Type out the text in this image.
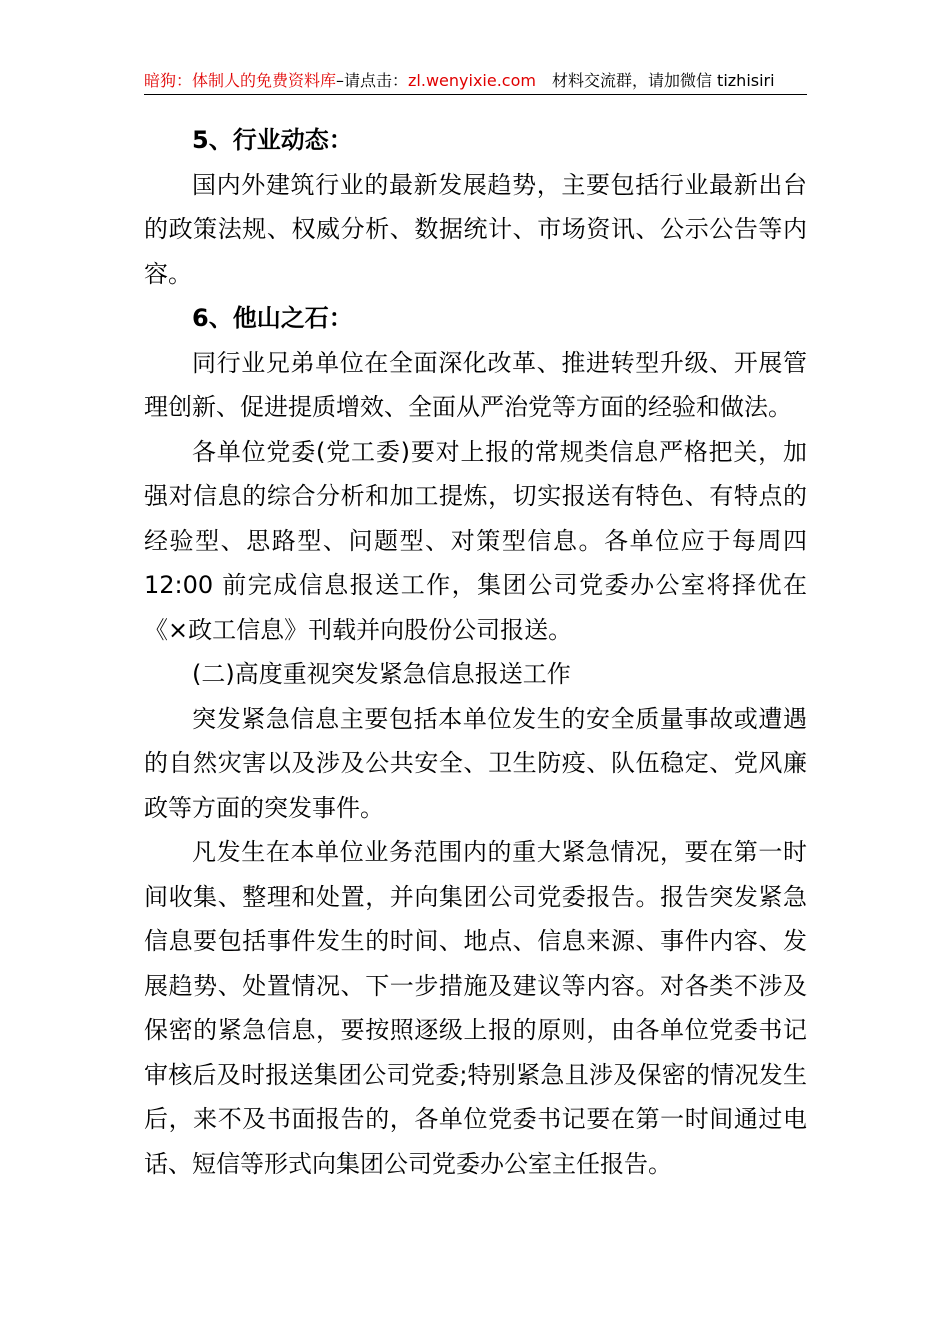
暗狗：体制人的免费资料库–请点击：zl.wenyixie.com 材料交流群，请加微信 tizhisiri

5、行业动态：

国内外建筑行业的最新发展趋势，主要包括行业最新出台的政策法规、权威分析、数据统计、市场资讯、公示公告等内容。

6、他山之石：

同行业兄弟单位在全面深化改革、推进转型升级、开展管理创新、促进提质增效、全面从严治党等方面的经验和做法。

各单位党委(党工委)要对上报的常规类信息严格把关，加强对信息的综合分析和加工提炼，切实报送有特色、有特点的经验型、思路型、问题型、对策型信息。各单位应于每周四12:00 前完成信息报送工作，集团公司党委办公室将择优在《×政工信息》刊载并向股份公司报送。

(二)高度重视突发紧急信息报送工作

突发紧急信息主要包括本单位发生的安全质量事故或遭遇的自然灾害以及涉及公共安全、卫生防疫、队伍稳定、党风廉政等方面的突发事件。

凡发生在本单位业务范围内的重大紧急情况，要在第一时间收集、整理和处置，并向集团公司党委报告。报告突发紧急信息要包括事件发生的时间、地点、信息来源、事件内容、发展趋势、处置情况、下一步措施及建议等内容。对各类不涉及保密的紧急信息，要按照逐级上报的原则，由各单位党委书记审核后及时报送集团公司党委;特别紧急且涉及保密的情况发生后，来不及书面报告的，各单位党委书记要在第一时间通过电话、短信等形式向集团公司党委办公室主任报告。
